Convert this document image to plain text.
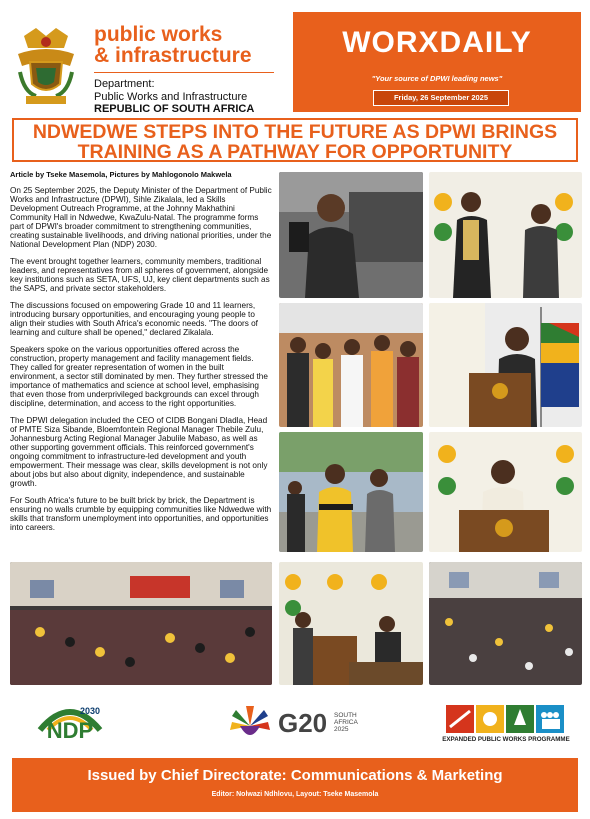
public works
& infrastructure
Department:
Public Works and Infrastructure
REPUBLIC OF SOUTH AFRICA
WORXDAILY
"Your source of DPWI leading news"
Friday, 26 September 2025
NDWEDWE STEPS INTO THE FUTURE AS DPWI BRINGS
TRAINING AS A PATHWAY FOR OPPORTUNITY
Article by Tseke Masemola, Pictures by Mahlogonolo Makwela

On 25 September 2025, the Deputy Minister of the Department of Public Works and Infrastructure (DPWI), Sihle Zikalala, led a Skills Development Outreach Programme, at the Johnny Makhathini Community Hall in Ndwedwe, KwaZulu-Natal. The programme forms part of DPWI's broader commitment to strengthening communities, creating sustainable livelihoods, and driving national priorities, under the National Development Plan (NDP) 2030.

The event brought together learners, community members, traditional leaders, and representatives from all spheres of government, alongside key institutions such as SETA, UFS, UJ, key client departments such as the SAPS, and private sector stakeholders.

The discussions focused on empowering Grade 10 and 11 learners, introducing bursary opportunities, and encouraging young people to align their studies with South Africa's economic needs. "The doors of learning and culture shall be opened," declared Zikalala.

Speakers spoke on the various opportunities offered across the construction, property management and facility management fields. They called for greater representation of women in the built environment, a sector still dominated by men. They further stressed the importance of mathematics and science at school level, emphasising that even those from underprivileged backgrounds can excel through discipline, determination, and access to the right opportunities.

The DPWI delegation included the CEO of CIDB Bongani Dladla, Head of PMTE Siza Sibande, Bloemfontein Regional Manager Thebile Zulu, Johannesburg Acting Regional Manager Jabulile Mabaso, as well as other supporting government officials. This reinforced government's ongoing commitment to infrastructure-led development and youth empowerment. Their message was clear, skills development is not only about jobs but also about dignity, independence, and sustainable growth.

For South Africa's future to be built brick by brick, the Department is ensuring no walls crumble by equipping communities like Ndwedwe with skills that transform unemployment into opportunities, and opportunities into careers.

2030
NDP	G20 SOUTH
AFRICA
2025
EXPANDED PUBLIC WORKS PROGRAMME
Issued by Chief Directorate: Communications & Marketing
Editor: Nolwazi Ndhlovu, Layout: Tseke Masemola
